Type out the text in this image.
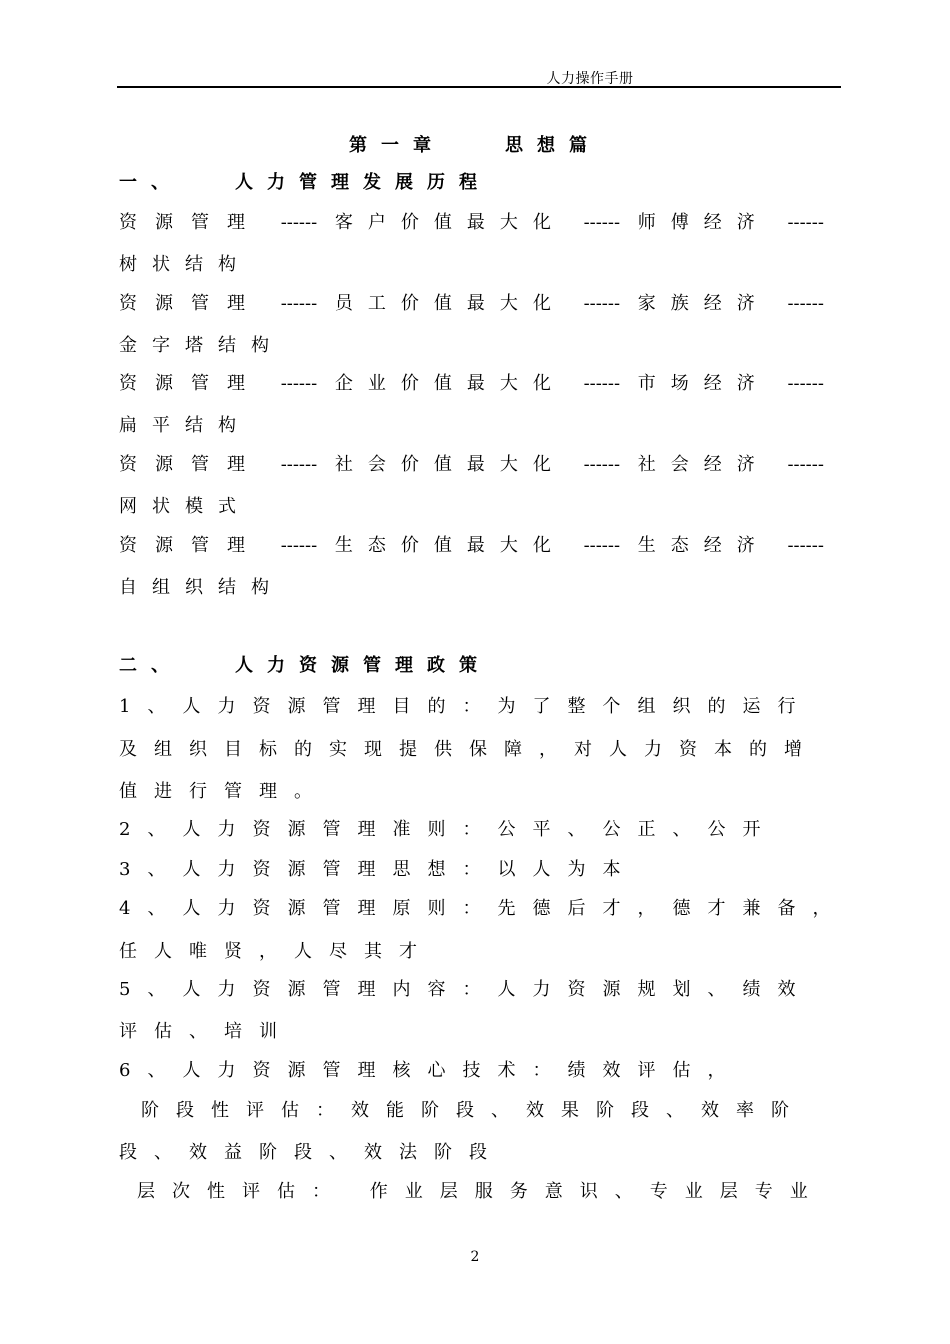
人力操作手册
第一章	思想篇
一、	人力管理发展历程
资源管理 ------ 客户价值最大化 ------ 师傅经济 ------
树状结构
资源管理 ------ 员工价值最大化 ------ 家族经济 ------
金字塔结构
资源管理 ------ 企业价值最大化 ------ 市场经济 ------
扁平结构
资源管理 ------ 社会价值最大化 ------ 社会经济 ------
网状模式
资源管理 ------ 生态价值最大化 ------ 生态经济 ------
自组织结构
二、	人力资源管理政策
1、人力资源管理目的：为了整个组织的运行
及组织目标的实现提供保障，对人力资本的增
值进行管理。
2、人力资源管理准则：公平、公正、公开
3、人力资源管理思想：以人为本
4、人力资源管理原则：先德后才，德才兼备，
任人唯贤，人尽其才
5、人力资源管理内容：人力资源规划、绩效
评估、培训
6、人力资源管理核心技术：绩效评估，
阶段性评估：效能阶段、效果阶段、效率阶
段、效益阶段、效法阶段
层次性评估： 作业层服务意识、专业层专业
2
